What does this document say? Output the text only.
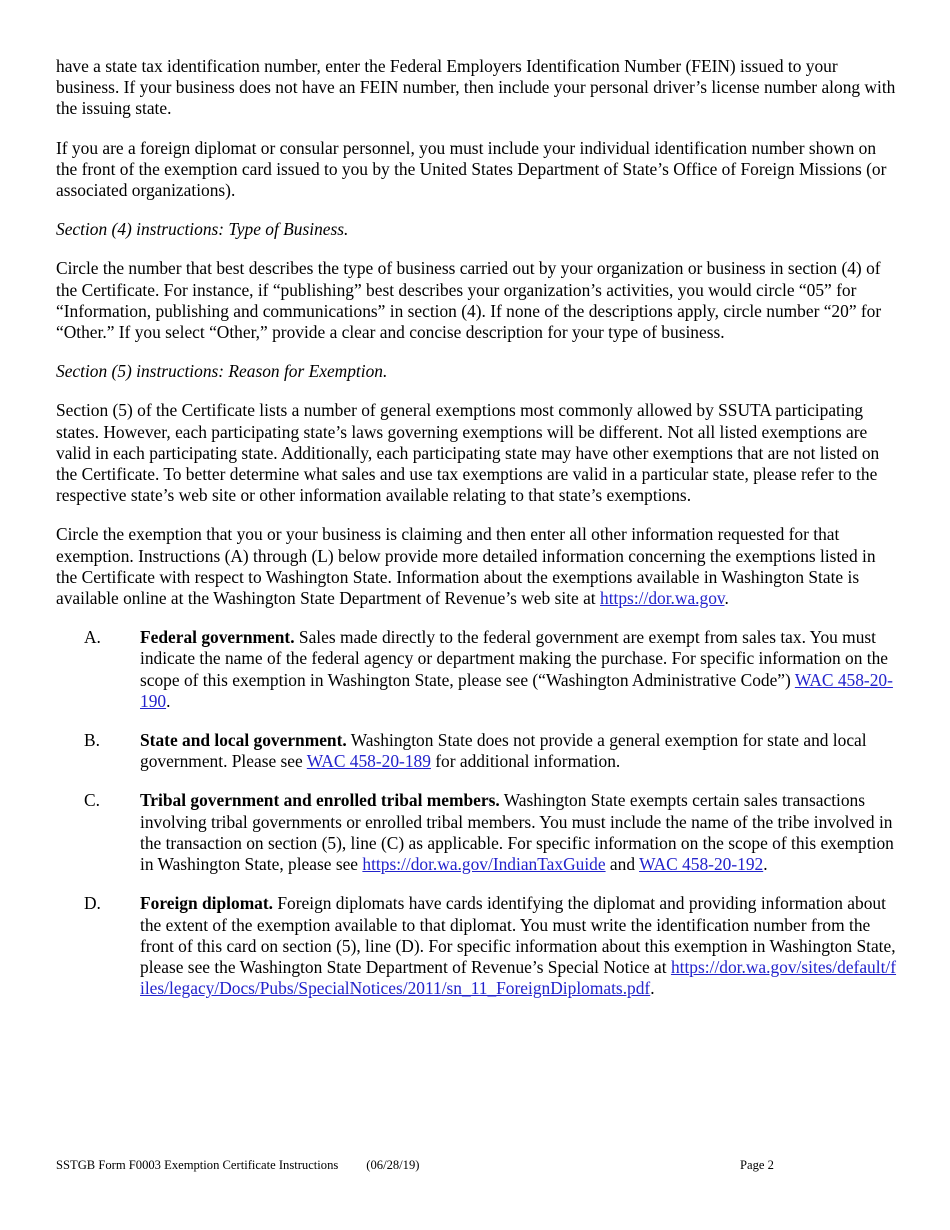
have a state tax identification number, enter the Federal Employers Identification Number (FEIN) issued to your business. If your business does not have an FEIN number, then include your personal driver’s license number along with the issuing state.

If you are a foreign diplomat or consular personnel, you must include your individual identification number shown on the front of the exemption card issued to you by the United States Department of State’s Office of Foreign Missions (or associated organizations).

Section (4) instructions: Type of Business.

Circle the number that best describes the type of business carried out by your organization or business in section (4) of the Certificate. For instance, if “publishing” best describes your organization’s activities, you would circle “05” for “Information, publishing and communications” in section (4). If none of the descriptions apply, circle number “20” for “Other.” If you select “Other,” provide a clear and concise description for your type of business.

Section (5) instructions: Reason for Exemption.

Section (5) of the Certificate lists a number of general exemptions most commonly allowed by SSUTA participating states. However, each participating state’s laws governing exemptions will be different. Not all listed exemptions are valid in each participating state. Additionally, each participating state may have other exemptions that are not listed on the Certificate. To better determine what sales and use tax exemptions are valid in a particular state, please refer to the respective state’s web site or other information available relating to that state’s exemptions.

Circle the exemption that you or your business is claiming and then enter all other information requested for that exemption. Instructions (A) through (L) below provide more detailed information concerning the exemptions listed in the Certificate with respect to Washington State. Information about the exemptions available in Washington State is available online at the Washington State Department of Revenue’s web site at https://dor.wa.gov.

A.	Federal government. Sales made directly to the federal government are exempt from sales tax. You must indicate the name of the federal agency or department making the purchase. For specific information on the scope of this exemption in Washington State, please see (“Washington Administrative Code”) WAC 458-20-190.
B.	State and local government. Washington State does not provide a general exemption for state and local government. Please see WAC 458-20-189 for additional information.
C.	Tribal government and enrolled tribal members. Washington State exempts certain sales transactions involving tribal governments or enrolled tribal members. You must include the name of the tribe involved in the transaction on section (5), line (C) as applicable. For specific information on the scope of this exemption in Washington State, please see https://dor.wa.gov/IndianTaxGuide and WAC 458-20-192.
D.	Foreign diplomat. Foreign diplomats have cards identifying the diplomat and providing information about the extent of the exemption available to that diplomat. You must write the identification number from the front of this card on section (5), line (D). For specific information about this exemption in Washington State, please see the Washington State Department of Revenue’s Special Notice at https://dor.wa.gov/sites/default/files/legacy/Docs/Pubs/SpecialNotices/2011/sn_11_ForeignDiplomats.pdf.
SSTGB Form F0003 Exemption Certificate Instructions (06/28/19)	Page 2
